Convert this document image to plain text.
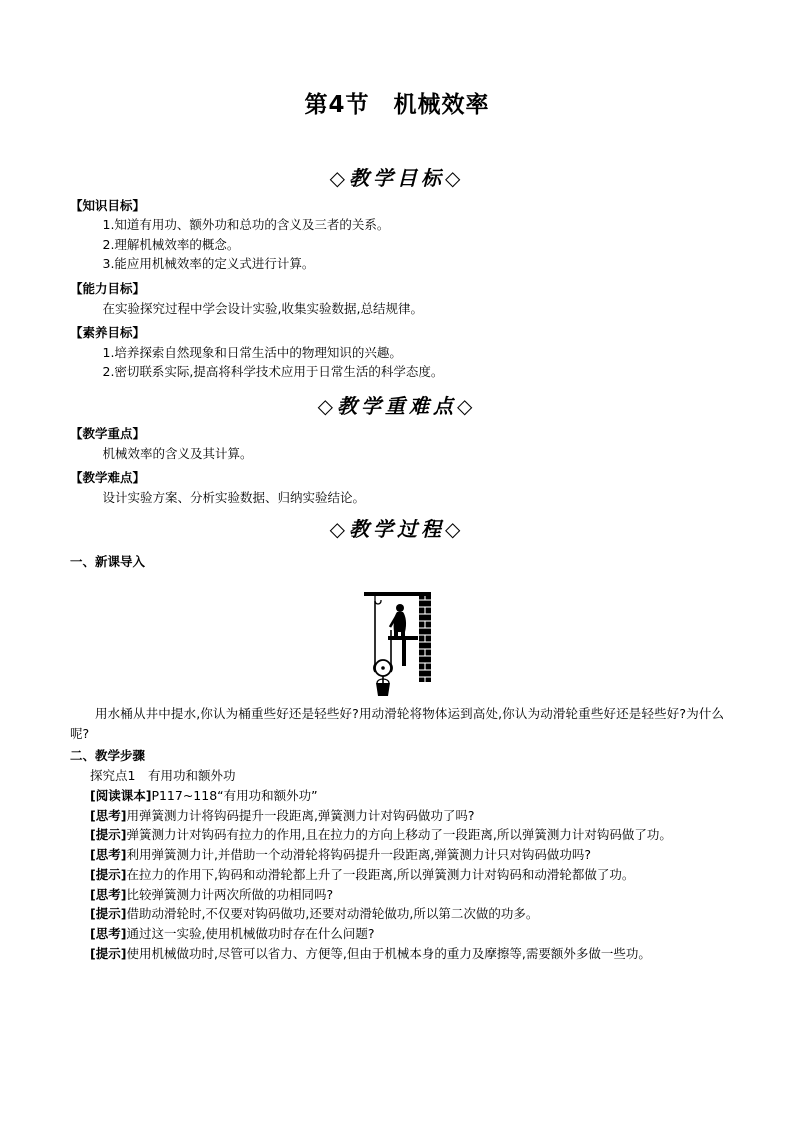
第4节　机械效率
◇教学目标◇
【知识目标】
1.知道有用功、额外功和总功的含义及三者的关系。
2.理解机械效率的概念。
3.能应用机械效率的定义式进行计算。
【能力目标】
在实验探究过程中学会设计实验,收集实验数据,总结规律。
【素养目标】
1.培养探索自然现象和日常生活中的物理知识的兴趣。
2.密切联系实际,提高将科学技术应用于日常生活的科学态度。
◇教学重难点◇
【教学重点】
机械效率的含义及其计算。
【教学难点】
设计实验方案、分析实验数据、归纳实验结论。
◇教学过程◇
一、新课导入

用水桶从井中提水,你认为桶重些好还是轻些好?用动滑轮将物体运到高处,你认为动滑轮重些好还是轻些好?为什么呢?

二、教学步骤
探究点1　有用功和额外功

[阅读课本]P117~118“有用功和额外功”

[思考]用弹簧测力计将钩码提升一段距离,弹簧测力计对钩码做功了吗?

[提示]弹簧测力计对钩码有拉力的作用,且在拉力的方向上移动了一段距离,所以弹簧测力计对钩码做了功。

[思考]利用弹簧测力计,并借助一个动滑轮将钩码提升一段距离,弹簧测力计只对钩码做功吗?

[提示]在拉力的作用下,钩码和动滑轮都上升了一段距离,所以弹簧测力计对钩码和动滑轮都做了功。

[思考]比较弹簧测力计两次所做的功相同吗?

[提示]借助动滑轮时,不仅要对钩码做功,还要对动滑轮做功,所以第二次做的功多。

[思考]通过这一实验,使用机械做功时存在什么问题?

[提示]使用机械做功时,尽管可以省力、方便等,但由于机械本身的重力及摩擦等,需要额外多做一些功。
